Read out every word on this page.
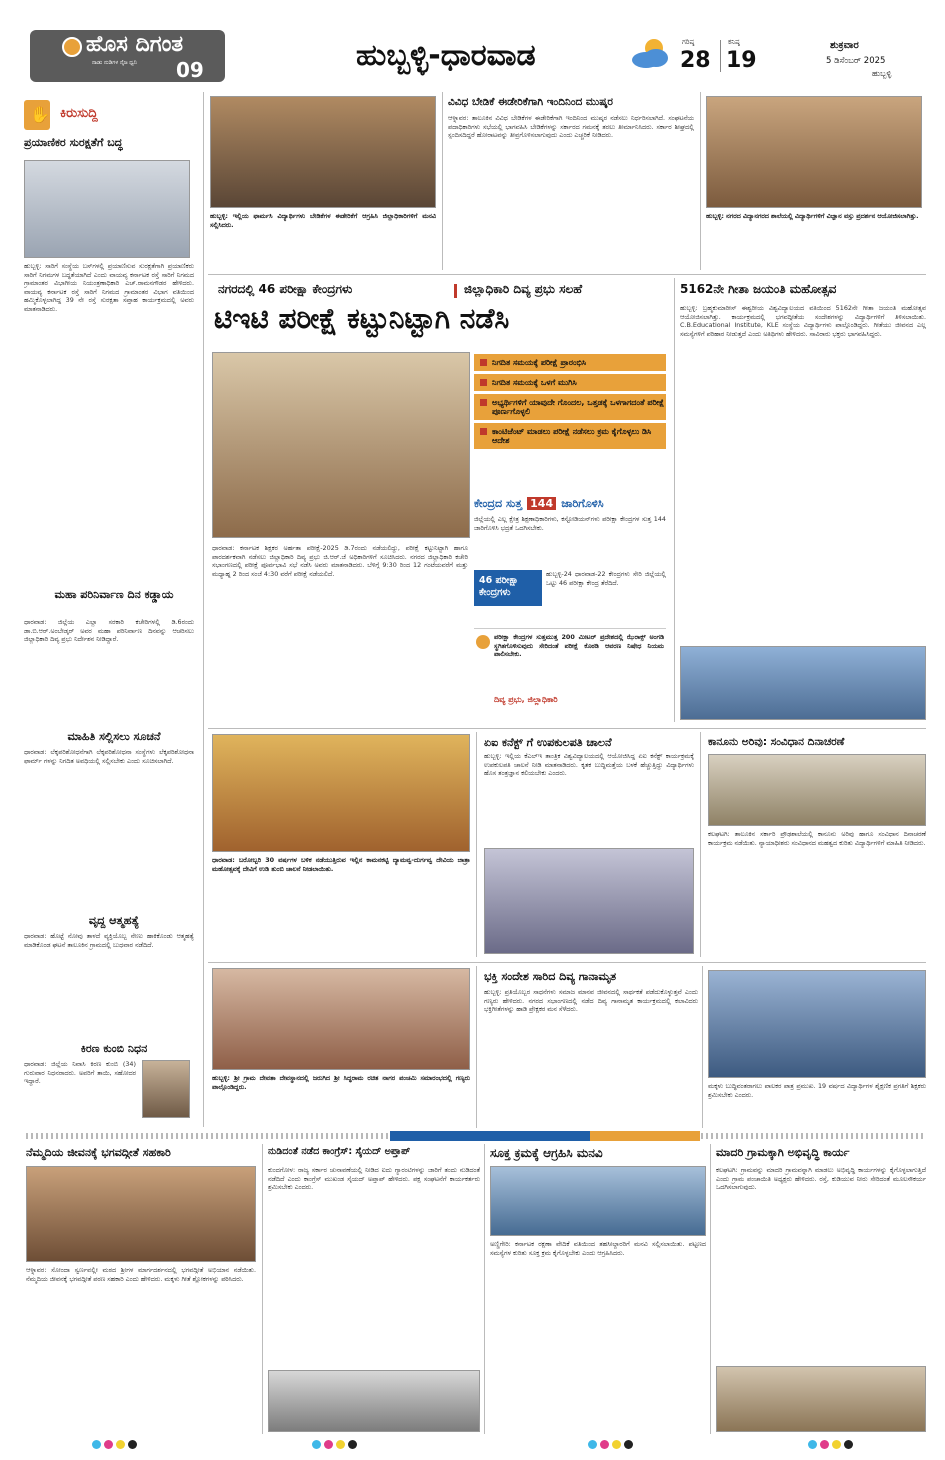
ಹೊಸ ದಿಗಂತ
ನಾಡು ನುಡಿಗಳ ನೈಜ ಧ್ವನಿ 09	ಹುಬ್ಬಳ್ಳಿ-ಧಾರವಾಡ	ಗರಿಷ್ಠ
28
ಕನಿಷ್ಠ
19
ಶುಕ್ರವಾರ
5 ಡಿಸೆಂಬರ್ 2025
ಹುಬ್ಬಳ್ಳಿ
✋ ಕಿರುಸುದ್ದಿ
ಪ್ರಯಾಣಿಕರ ಸುರಕ್ಷತೆಗೆ ಬದ್ಧ
ಹುಬ್ಬಳ್ಳಿ: ಸಾರಿಗೆ ಸಂಸ್ಥೆಯ ಬಸ್‌ಗಳಲ್ಲಿ ಪ್ರಯಾಣಿಸುವ ಸುರಕ್ಷತೆಗಾಗಿ ಪ್ರಯಾಣಿಕರು ಸಾರಿಗೆ ನಿಗಮಗಳ ಬದ್ಧತೆಯಾಗಿದೆ ಎಂದು ವಾಯವ್ಯ ಕರ್ನಾಟಕ ರಸ್ತೆ ಸಾರಿಗೆ ನಿಗಮದ ಗ್ರಾಮಾಂತರ ವಿಭಾಗೀಯ ನಿಯಂತ್ರಣಾಧಿಕಾರಿ ಎಚ್.ರಾಮನಗೌಡರ ಹೇಳಿದರು. ವಾಯವ್ಯ ಕರ್ನಾಟಕ ರಸ್ತೆ ಸಾರಿಗೆ ನಿಗಮದ ಗ್ರಾಮಾಂತರ ವಿಭಾಗ ವತಿಯಿಂದ ಹಮ್ಮಿಕೊಳ್ಳಲಾಗಿದ್ದ 39 ನೇ ರಸ್ತೆ ಸುರಕ್ಷತಾ ಸಪ್ತಾಹ ಕಾರ್ಯಕ್ರಮದಲ್ಲಿ ಅವರು ಮಾತನಾಡಿದರು.
ಮಹಾ ಪರಿನಿರ್ವಾಣ ದಿನ ಕಡ್ಡಾಯ
ಧಾರವಾಡ: ಜಿಲ್ಲೆಯ ಎಲ್ಲಾ ಸರಕಾರಿ ಕಚೇರಿಗಳಲ್ಲಿ ಡಿ.6ರಂದು ಡಾ.ಬಿ.ಆರ್.ಅಂಬೇಡ್ಕರ್ ಅವರ ಮಹಾ ಪರಿನಿರ್ವಾಣ ದಿನವನ್ನು ಆಚರಿಸಲು ಜಿಲ್ಲಾಧಿಕಾರಿ ದಿವ್ಯ ಪ್ರಭು ನಿರ್ದೇಶನ ನೀಡಿದ್ದಾರೆ.
ಮಾಹಿತಿ ಸಲ್ಲಿಸಲು ಸೂಚನೆ
ಧಾರವಾಡ: ಲೆಕ್ಕಪರಿಶೋಧನೆಗಾಗಿ ಲೆಕ್ಕಪರಿಶೋಧನಾ ಸಂಸ್ಥೆಗಳು ಲೆಕ್ಕಪರಿಶೋಧನಾ ಫಾರ್ಮ್ ಗಳನ್ನು ನಿಗದಿತ ಅವಧಿಯಲ್ಲಿ ಸಲ್ಲಿಸಬೇಕು ಎಂದು ಸೂಚಿಸಲಾಗಿದೆ.
ವೃದ್ದ ಆತ್ಮಹತ್ಯೆ
ಧಾರವಾಡ: ಹೊಟ್ಟೆ ನೋವು ತಾಳದೆ ವ್ಯಕ್ತಿಯೊಬ್ಬ ನೇಣು ಹಾಕಿಕೊಂಡು ಆತ್ಮಹತ್ಯೆ ಮಾಡಿಕೊಂಡ ಘಟನೆ ತಾಲೂಕಿನ ಗ್ರಾಮದಲ್ಲಿ ಬುಧವಾರ ನಡೆದಿದೆ.
ಕಿರಣ ಕುಂಬಿ ನಿಧನ
ಧಾರವಾಡ: ಜಿಲ್ಲೆಯ ನಿವಾಸಿ ಕಿರಣ ಕುಂಬಿ (34) ಗುರುವಾರ ನಿಧನರಾದರು. ಅವರಿಗೆ ತಾಯಿ, ಸಹೋದರ ಇದ್ದಾರೆ.
ಹುಬ್ಬಳ್ಳಿ: ಇಲ್ಲಿಯ ಫಾರ್ಮಸಿ ವಿದ್ಯಾರ್ಥಿಗಳು ಬೇಡಿಕೆಗಳ ಈಡೇರಿಕೆಗೆ ಆಗ್ರಹಿಸಿ ಜಿಲ್ಲಾಧಿಕಾರಿಗಳಿಗೆ ಮನವಿ ಸಲ್ಲಿಸಿದರು.
ವಿವಿಧ ಬೇಡಿಕೆ ಈಡೇರಿಕೆಗಾಗಿ ಇಂದಿನಿಂದ ಮುಷ್ಕರ
ಆಳ್ನಾವರ: ತಾಲೂಕಿನ ವಿವಿಧ ಬೇಡಿಕೆಗಳ ಈಡೇರಿಕೆಗಾಗಿ ಇಂದಿನಿಂದ ಮುಷ್ಕರ ನಡೆಸಲು ನಿರ್ಧರಿಸಲಾಗಿದೆ. ಸಂಘಟನೆಯ ಪದಾಧಿಕಾರಿಗಳು ಸಭೆಯಲ್ಲಿ ಭಾಗವಹಿಸಿ ಬೇಡಿಕೆಗಳನ್ನು ಸರ್ಕಾರದ ಗಮನಕ್ಕೆ ತರಲು ತೀರ್ಮಾನಿಸಿದರು. ಸರ್ಕಾರ ಶೀಘ್ರದಲ್ಲಿ ಸ್ಪಂದಿಸದಿದ್ದರೆ ಹೋರಾಟವನ್ನು ತೀವ್ರಗೊಳಿಸಲಾಗುವುದು ಎಂದು ಎಚ್ಚರಿಕೆ ನೀಡಿದರು.
ಹುಬ್ಬಳ್ಳಿ: ನಗರದ ವಿದ್ಯಾನಗರದ ಶಾಲೆಯಲ್ಲಿ ವಿದ್ಯಾರ್ಥಿಗಳಿಗೆ ವಿಜ್ಞಾನ ವಸ್ತು ಪ್ರದರ್ಶನ ಆಯೋಜಿಸಲಾಗಿತ್ತು.
ನಗರದಲ್ಲಿ 46 ಪರೀಕ್ಷಾ ಕೇಂದ್ರಗಳು	ಜಿಲ್ಲಾಧಿಕಾರಿ ದಿವ್ಯ ಪ್ರಭು ಸಲಹೆ
ಟಿಇಟಿ ಪರೀಕ್ಷೆ ಕಟ್ಟುನಿಟ್ಟಾಗಿ ನಡೆಸಿ
ನಿಗದಿತ ಸಮಯಕ್ಕೆ ಪರೀಕ್ಷೆ ಪ್ರಾರಂಭಿಸಿ
ನಿಗದಿತ ಸಮಯಕ್ಕೆ ಒಳಗೆ ಮುಗಿಸಿ
ಅಭ್ಯರ್ಥಿಗಳಿಗೆ ಯಾವುದೇ ಗೊಂದಲ, ಒತ್ತಡಕ್ಕೆ ಒಳಗಾಗದಂತೆ ಪರೀಕ್ಷೆ ಪೂರ್ಣಗೊಳ್ಳಲಿ
ಕಾಂಟಿಜೆಂಟ್ ಮಾಡಲು ಪರೀಕ್ಷೆ ನಡೆಸಲು ಕ್ರಮ ಕೈಗೊಳ್ಳಲು ಡಿಸಿ ಆದೇಶ
ಕೇಂದ್ರದ ಸುತ್ತ 144 ಜಾರಿಗೊಳಿಸಿ
ಜಿಲ್ಲೆಯಲ್ಲಿ ಎಲ್ಲ ಕ್ಷೇತ್ರ ಶಿಕ್ಷಣಾಧಿಕಾರಿಗಳು, ಕಸ್ಟೋಡಿಯನ್‌ಗಳು ಪರೀಕ್ಷಾ ಕೇಂದ್ರಗಳ ಸುತ್ತ 144 ಜಾರಿಗೊಳಿಸಿ ಭದ್ರತೆ ಒದಗಿಸಬೇಕು.
46 ಪರೀಕ್ಷಾ ಕೇಂದ್ರಗಳು
ಹುಬ್ಬಳ್ಳಿ-24 ಧಾರವಾಡ-22 ಕೇಂದ್ರಗಳು ಸೇರಿ ಜಿಲ್ಲೆಯಲ್ಲಿ ಒಟ್ಟು 46 ಪರೀಕ್ಷಾ ಕೇಂದ್ರ ತೆರೆದಿದೆ.
ಪರೀಕ್ಷಾ ಕೇಂದ್ರಗಳ ಸುತ್ತಮುತ್ತ 200 ಮೀಟರ್ ಪ್ರದೇಶದಲ್ಲಿ ಝೆರಾಕ್ಸ್ ಅಂಗಡಿ ಸ್ಥಗಿತಗೊಳಿಸುವುದು ಸೇರಿದಂತೆ ಪರೀಕ್ಷೆ ಕೊಠಡಿ ಆವರಣ ನಿಷೇಧ ನಿಯಮ ಪಾಲಿಸಬೇಕು.
ದಿವ್ಯ ಪ್ರಭು, ಜಿಲ್ಲಾಧಿಕಾರಿ
ಧಾರವಾಡ: ಕರ್ನಾಟಕ ಶಿಕ್ಷಕರ ಅರ್ಹತಾ ಪರೀಕ್ಷೆ-2025 ಡಿ.7ರಂದು ನಡೆಯಲಿದ್ದು, ಪರೀಕ್ಷೆ ಕಟ್ಟುನಿಟ್ಟಾಗಿ ಹಾಗೂ ಪಾರದರ್ಶಕವಾಗಿ ನಡೆಸಲು ಜಿಲ್ಲಾಧಿಕಾರಿ ದಿವ್ಯ ಪ್ರಭು ಜಿ.ಆರ್.ಜೆ ಅಧಿಕಾರಿಗಳಿಗೆ ಸೂಚಿಸಿದರು. ನಗರದ ಜಿಲ್ಲಾಧಿಕಾರಿ ಕಚೇರಿ ಸಭಾಂಗಣದಲ್ಲಿ ಪರೀಕ್ಷೆ ಪೂರ್ವಭಾವಿ ಸಭೆ ನಡೆಸಿ ಅವರು ಮಾತನಾಡಿದರು. ಬೆಳಿಗ್ಗೆ 9:30 ರಿಂದ 12 ಗಂಟೆಯವರೆಗೆ ಮತ್ತು ಮಧ್ಯಾಹ್ನ 2 ರಿಂದ ಸಂಜೆ 4:30 ವರೆಗೆ ಪರೀಕ್ಷೆ ನಡೆಯಲಿದೆ.
5162ನೇ ಗೀತಾ ಜಯಂತಿ ಮಹೋತ್ಸವ
ಹುಬ್ಬಳ್ಳಿ: ಬ್ರಹ್ಮಕುಮಾರೀಸ್ ಈಶ್ವರೀಯ ವಿಶ್ವವಿದ್ಯಾಲಯದ ವತಿಯಿಂದ 5162ನೇ ಗೀತಾ ಜಯಂತಿ ಮಹೋತ್ಸವ ಆಯೋಜಿಸಲಾಗಿತ್ತು. ಕಾರ್ಯಕ್ರಮದಲ್ಲಿ ಭಗವದ್ಗೀತೆಯ ಸಂದೇಶಗಳನ್ನು ವಿದ್ಯಾರ್ಥಿಗಳಿಗೆ ತಿಳಿಸಲಾಯಿತು. C.B.Educational Institute, KLE ಸಂಸ್ಥೆಯ ವಿದ್ಯಾರ್ಥಿಗಳು ಪಾಲ್ಗೊಂಡಿದ್ದರು. ಗೀತೆಯು ಜೀವನದ ಎಲ್ಲ ಸಮಸ್ಯೆಗಳಿಗೆ ಪರಿಹಾರ ನೀಡುತ್ತದೆ ಎಂದು ಅತಿಥಿಗಳು ಹೇಳಿದರು. ಸಾವಿರಾರು ಭಕ್ತರು ಭಾಗವಹಿಸಿದ್ದರು.
ಧಾರವಾಡ: ಬರೋಬ್ಬರಿ 30 ವರ್ಷಗಳ ಬಳಿಕ ನಡೆಯುತ್ತಿರುವ ಇಲ್ಲಿನ ಕಾಮನಕಟ್ಟಿ ದ್ಯಾಮವ್ವ-ದುರ್ಗವ್ವ ದೇವಿಯ ಜಾತ್ರಾ ಮಹೋತ್ಸವಕ್ಕೆ ದೇವಿಗೆ ಉಡಿ ತುಂಬಿ ಚಾಲನೆ ನೀಡಲಾಯಿತು.
ಏಐ ಕನೆಕ್ಟ್ ಗೆ ಉಪಕುಲಪತಿ ಚಾಲನೆ
ಹುಬ್ಬಳ್ಳಿ: ಇಲ್ಲಿಯ ಕೆಎಲ್‌ಇ ತಾಂತ್ರಿಕ ವಿಶ್ವವಿದ್ಯಾಲಯದಲ್ಲಿ ಆಯೋಜಿಸಿದ್ದ ಏಐ ಕನೆಕ್ಟ್ ಕಾರ್ಯಕ್ರಮಕ್ಕೆ ಉಪಕುಲಪತಿ ಚಾಲನೆ ನೀಡಿ ಮಾತನಾಡಿದರು. ಕೃತಕ ಬುದ್ಧಿಮತ್ತೆಯ ಬಳಕೆ ಹೆಚ್ಚುತ್ತಿದ್ದು ವಿದ್ಯಾರ್ಥಿಗಳು ಹೊಸ ತಂತ್ರಜ್ಞಾನ ಕಲಿಯಬೇಕು ಎಂದರು.
ಕಾನೂನು ಅರಿವು: ಸಂವಿಧಾನ ದಿನಾಚರಣೆ
ಕಲಘಟಗಿ: ತಾಲೂಕಿನ ಸರ್ಕಾರಿ ಪ್ರೌಢಶಾಲೆಯಲ್ಲಿ ಕಾನೂನು ಅರಿವು ಹಾಗೂ ಸಂವಿಧಾನ ದಿನಾಚರಣೆ ಕಾರ್ಯಕ್ರಮ ನಡೆಯಿತು. ನ್ಯಾಯಾಧೀಶರು ಸಂವಿಧಾನದ ಮಹತ್ವದ ಕುರಿತು ವಿದ್ಯಾರ್ಥಿಗಳಿಗೆ ಮಾಹಿತಿ ನೀಡಿದರು.
ಹುಬ್ಬಳ್ಳಿ: ಶ್ರೀ ಗ್ರಾಮ ದೇವತಾ ದೇವಸ್ಥಾನದಲ್ಲಿ ಜರುಗಿದ ಶ್ರೀ ಸಿದ್ಧರಾಮ ರಚಿತ ನಾಗರ ಪಂಚಮಿ ಸಮಾರಂಭದಲ್ಲಿ ಗಣ್ಯರು ಪಾಲ್ಗೊಂಡಿದ್ದರು.
ಭಕ್ತಿ ಸಂದೇಶ ಸಾರಿದ ದಿವ್ಯ ಗಾನಾಮೃತ
ಹುಬ್ಬಳ್ಳಿ: ಪ್ರತಿಯೊಬ್ಬರ ಸಾಧನೆಗಳು ಸಮಾಜ ಮಾನವ ಜೀವನದಲ್ಲಿ ಸಾರ್ಥಕತೆ ಪಡೆದುಕೊಳ್ಳುತ್ತವೆ ಎಂದು ಗಣ್ಯರು ಹೇಳಿದರು. ನಗರದ ಸಭಾಂಗಣದಲ್ಲಿ ನಡೆದ ದಿವ್ಯ ಗಾನಾಮೃತ ಕಾರ್ಯಕ್ರಮದಲ್ಲಿ ಕಲಾವಿದರು ಭಕ್ತಿಗೀತೆಗಳನ್ನು ಹಾಡಿ ಪ್ರೇಕ್ಷಕರ ಮನ ಸೆಳೆದರು.
ಮಕ್ಕಳು ಬುದ್ಧಿವಂತರಾಗಲು ಪಾಲಕರ ಪಾತ್ರ ಪ್ರಮುಖ. 19 ವರ್ಷದ ವಿದ್ಯಾರ್ಥಿಗಳ ಶೈಕ್ಷಣಿಕ ಪ್ರಗತಿಗೆ ಶಿಕ್ಷಕರು ಶ್ರಮಿಸಬೇಕು ಎಂದರು.
ನೆಮ್ಮದಿಯ ಜೀವನಕ್ಕೆ ಭಗವದ್ಗೀತೆ ಸಹಕಾರಿ
ಆಳ್ನಾವರ: ಸೋಂದಾ ಸ್ವರ್ಣವಲ್ಲೀ ಮಠದ ಶ್ರೀಗಳ ಮಾರ್ಗದರ್ಶನದಲ್ಲಿ ಭಗವದ್ಗೀತೆ ಅಭಿಯಾನ ನಡೆಯಿತು. ನೆಮ್ಮದಿಯ ಜೀವನಕ್ಕೆ ಭಗವದ್ಗೀತೆ ಪಠಣ ಸಹಕಾರಿ ಎಂದು ಹೇಳಿದರು. ಮಕ್ಕಳು ಗೀತೆ ಶ್ಲೋಕಗಳನ್ನು ಪಠಿಸಿದರು.
ನುಡಿದಂತೆ ನಡೆದ ಕಾಂಗ್ರೆಸ್: ಸೈಯದ್ ಅಪ್ತಾಪ್
ಕುಂದಗೋಳ: ರಾಜ್ಯ ಸರ್ಕಾರ ಚುನಾವಣೆಯಲ್ಲಿ ನೀಡಿದ ಐದು ಗ್ಯಾರಂಟಿಗಳನ್ನು ಜಾರಿಗೆ ತಂದು ನುಡಿದಂತೆ ನಡೆದಿದೆ ಎಂದು ಕಾಂಗ್ರೆಸ್ ಮುಖಂಡ ಸೈಯದ್ ಅಪ್ತಾಪ್ ಹೇಳಿದರು. ಪಕ್ಷ ಸಂಘಟನೆಗೆ ಕಾರ್ಯಕರ್ತರು ಶ್ರಮಿಸಬೇಕು ಎಂದರು.
ಸೂಕ್ತ ಕ್ರಮಕ್ಕೆ ಆಗ್ರಹಿಸಿ ಮನವಿ
ಅಣ್ಣಿಗೇರಿ: ಕರ್ನಾಟಕ ರಕ್ಷಣಾ ವೇದಿಕೆ ವತಿಯಿಂದ ತಹಸೀಲ್ದಾರರಿಗೆ ಮನವಿ ಸಲ್ಲಿಸಲಾಯಿತು. ಪಟ್ಟಣದ ಸಮಸ್ಯೆಗಳ ಕುರಿತು ಸೂಕ್ತ ಕ್ರಮ ಕೈಗೊಳ್ಳಬೇಕು ಎಂದು ಆಗ್ರಹಿಸಿದರು.
ಮಾದರಿ ಗ್ರಾಮಕ್ಕಾಗಿ ಅಭಿವೃದ್ಧಿ ಕಾರ್ಯ
ಕಲಘಟಗಿ: ಗ್ರಾಮವನ್ನು ಮಾದರಿ ಗ್ರಾಮವನ್ನಾಗಿ ಮಾಡಲು ಅಭಿವೃದ್ಧಿ ಕಾರ್ಯಗಳನ್ನು ಕೈಗೊಳ್ಳಲಾಗುತ್ತಿದೆ ಎಂದು ಗ್ರಾಮ ಪಂಚಾಯಿತಿ ಅಧ್ಯಕ್ಷರು ಹೇಳಿದರು. ರಸ್ತೆ, ಕುಡಿಯುವ ನೀರು ಸೇರಿದಂತೆ ಮೂಲಸೌಕರ್ಯ ಒದಗಿಸಲಾಗುವುದು.
